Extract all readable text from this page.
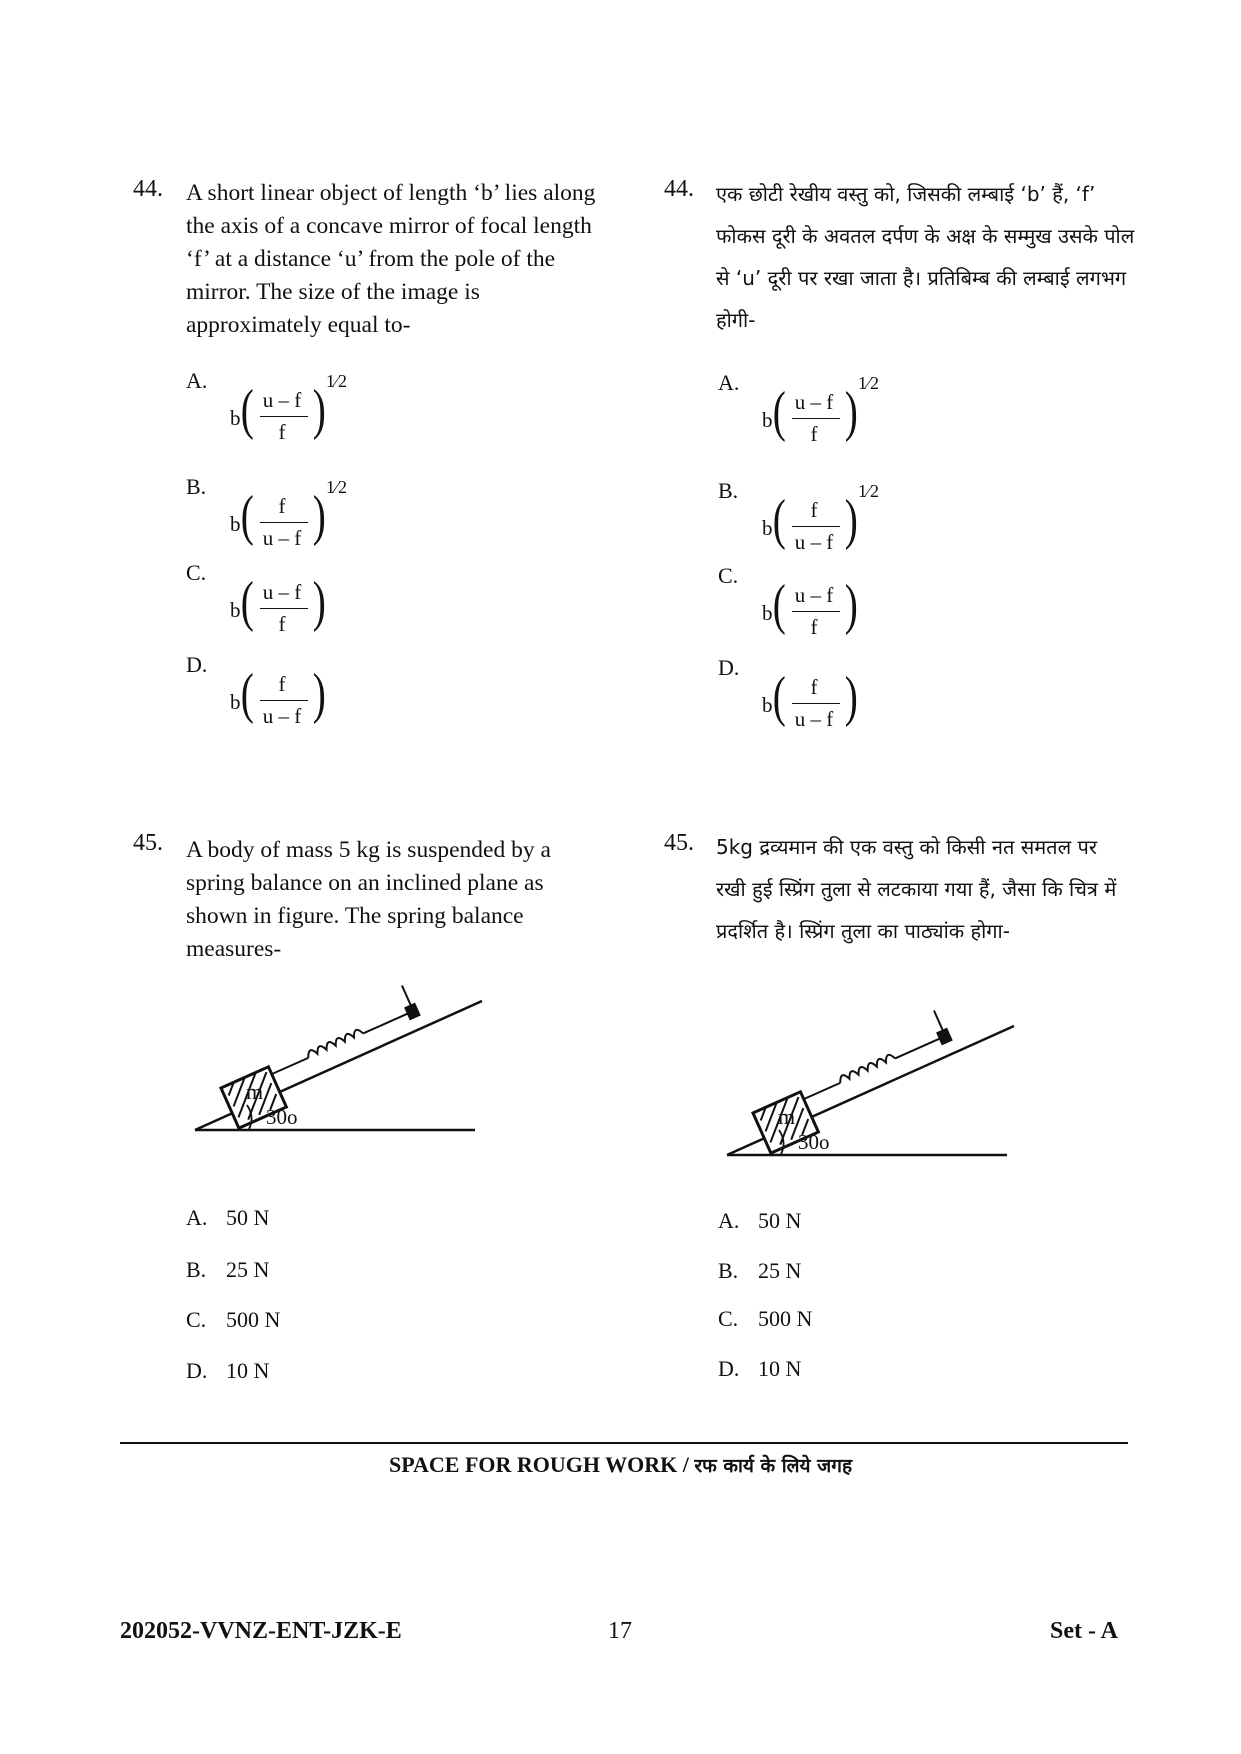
44. A short linear object of length ‘b’ lies along the axis of a concave mirror of focal length ‘f’ at a distance ‘u’ from the pole of the mirror. The size of the image is approximately equal to-
44. एक छोटी रेखीय वस्तु को, जिसकी लम्बाई ‘b’ हैं, ‘f’ फोकस दूरी के अवतल दर्पण के अक्ष के सम्मुख उसके पोल से ‘u’ दूरी पर रखा जाता है। प्रतिबिम्ब की लम्बाई लगभग होगी-
A.
b ( u – f
f ) 1⁄2
B.
b (	f
u – f ) 1⁄2
C.
b ( u – f
f )
D.
b (	f
u – f )
A.
b ( u – f
f ) 1⁄2
B.
b (	f
u – f ) 1⁄2
C.
b ( u – f
f )
D.
b (	f
u – f )
45. A body of mass 5 kg is suspended by a spring balance on an inclined plane as shown in figure. The spring balance measures-
45. 5kg द्रव्यमान की एक वस्तु को किसी नत समतल पर रखी हुई स्प्रिंग तुला से लटकाया गया हैं, जैसा कि चित्र में प्रदर्शित है। स्प्रिंग तुला का पाठ्यांक होगा-
m
30o	m
30o
A. 50 N
B. 25 N
C. 500 N
D. 10 N
A. 50 N
B. 25 N
C. 500 N
D. 10 N
SPACE FOR ROUGH WORK / रफ कार्य के लिये जगह
202052-VVNZ-ENT-JZK-E	17	Set - A
